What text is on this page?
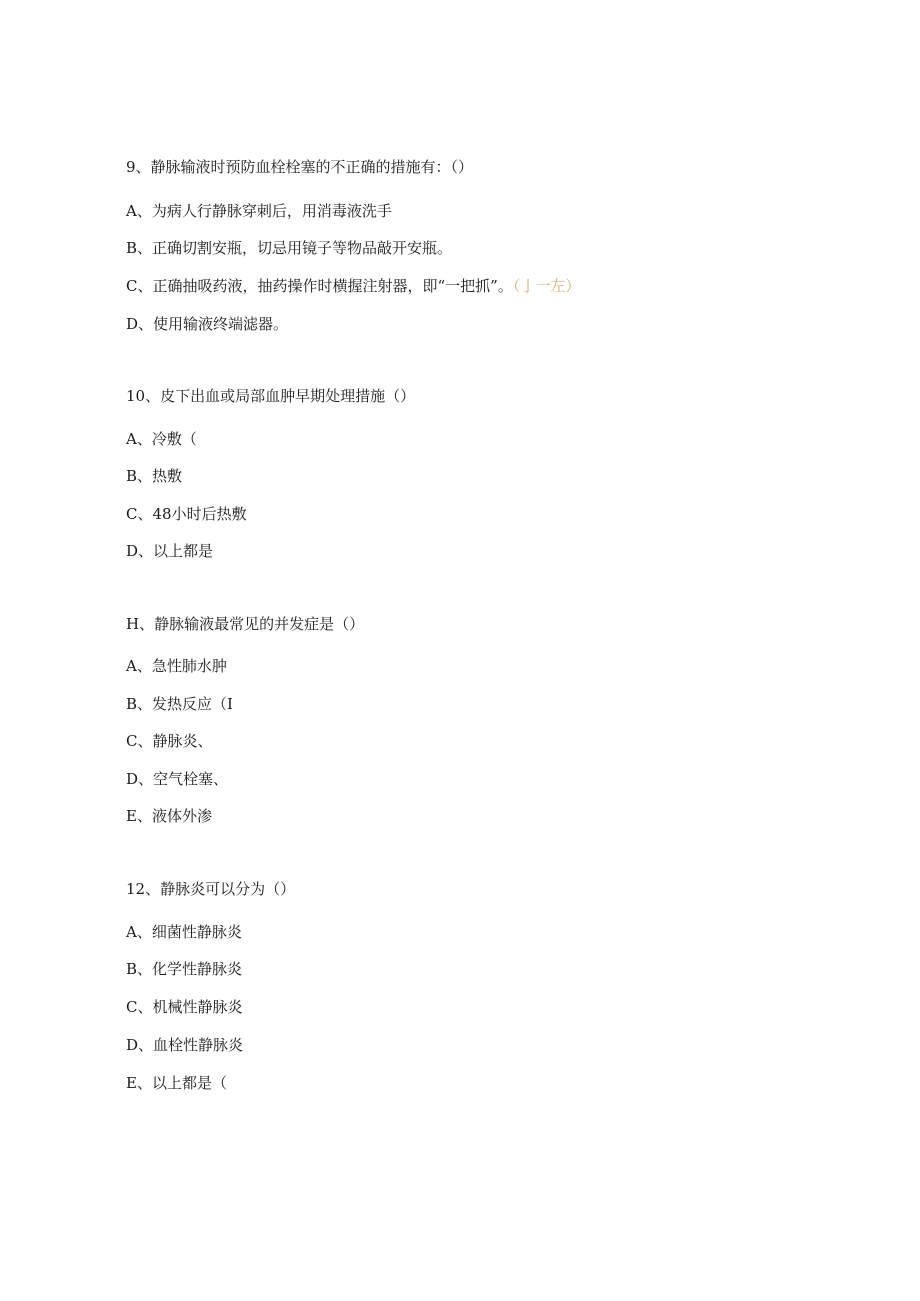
9、静脉输液时预防血栓栓塞的不正确的措施有：（）
A、为病人行静脉穿刺后，用消毒液洗手
B、正确切割安瓶，切忌用镜子等物品敲开安瓶。
C、正确抽吸药液，抽药操作时横握注射器，即“一把抓”。（亅一左）
D、使用输液终端滤器。
10、皮下出血或局部血肿早期处理措施（）
A、冷敷（
B、热敷
C、48小时后热敷
D、以上都是
H、静脉输液最常见的并发症是（）
A、急性肺水肿
B、发热反应（I
C、静脉炎、
D、空气栓塞、
E、液体外渗
12、静脉炎可以分为（）
A、细菌性静脉炎
B、化学性静脉炎
C、机械性静脉炎
D、血栓性静脉炎
E、以上都是（
